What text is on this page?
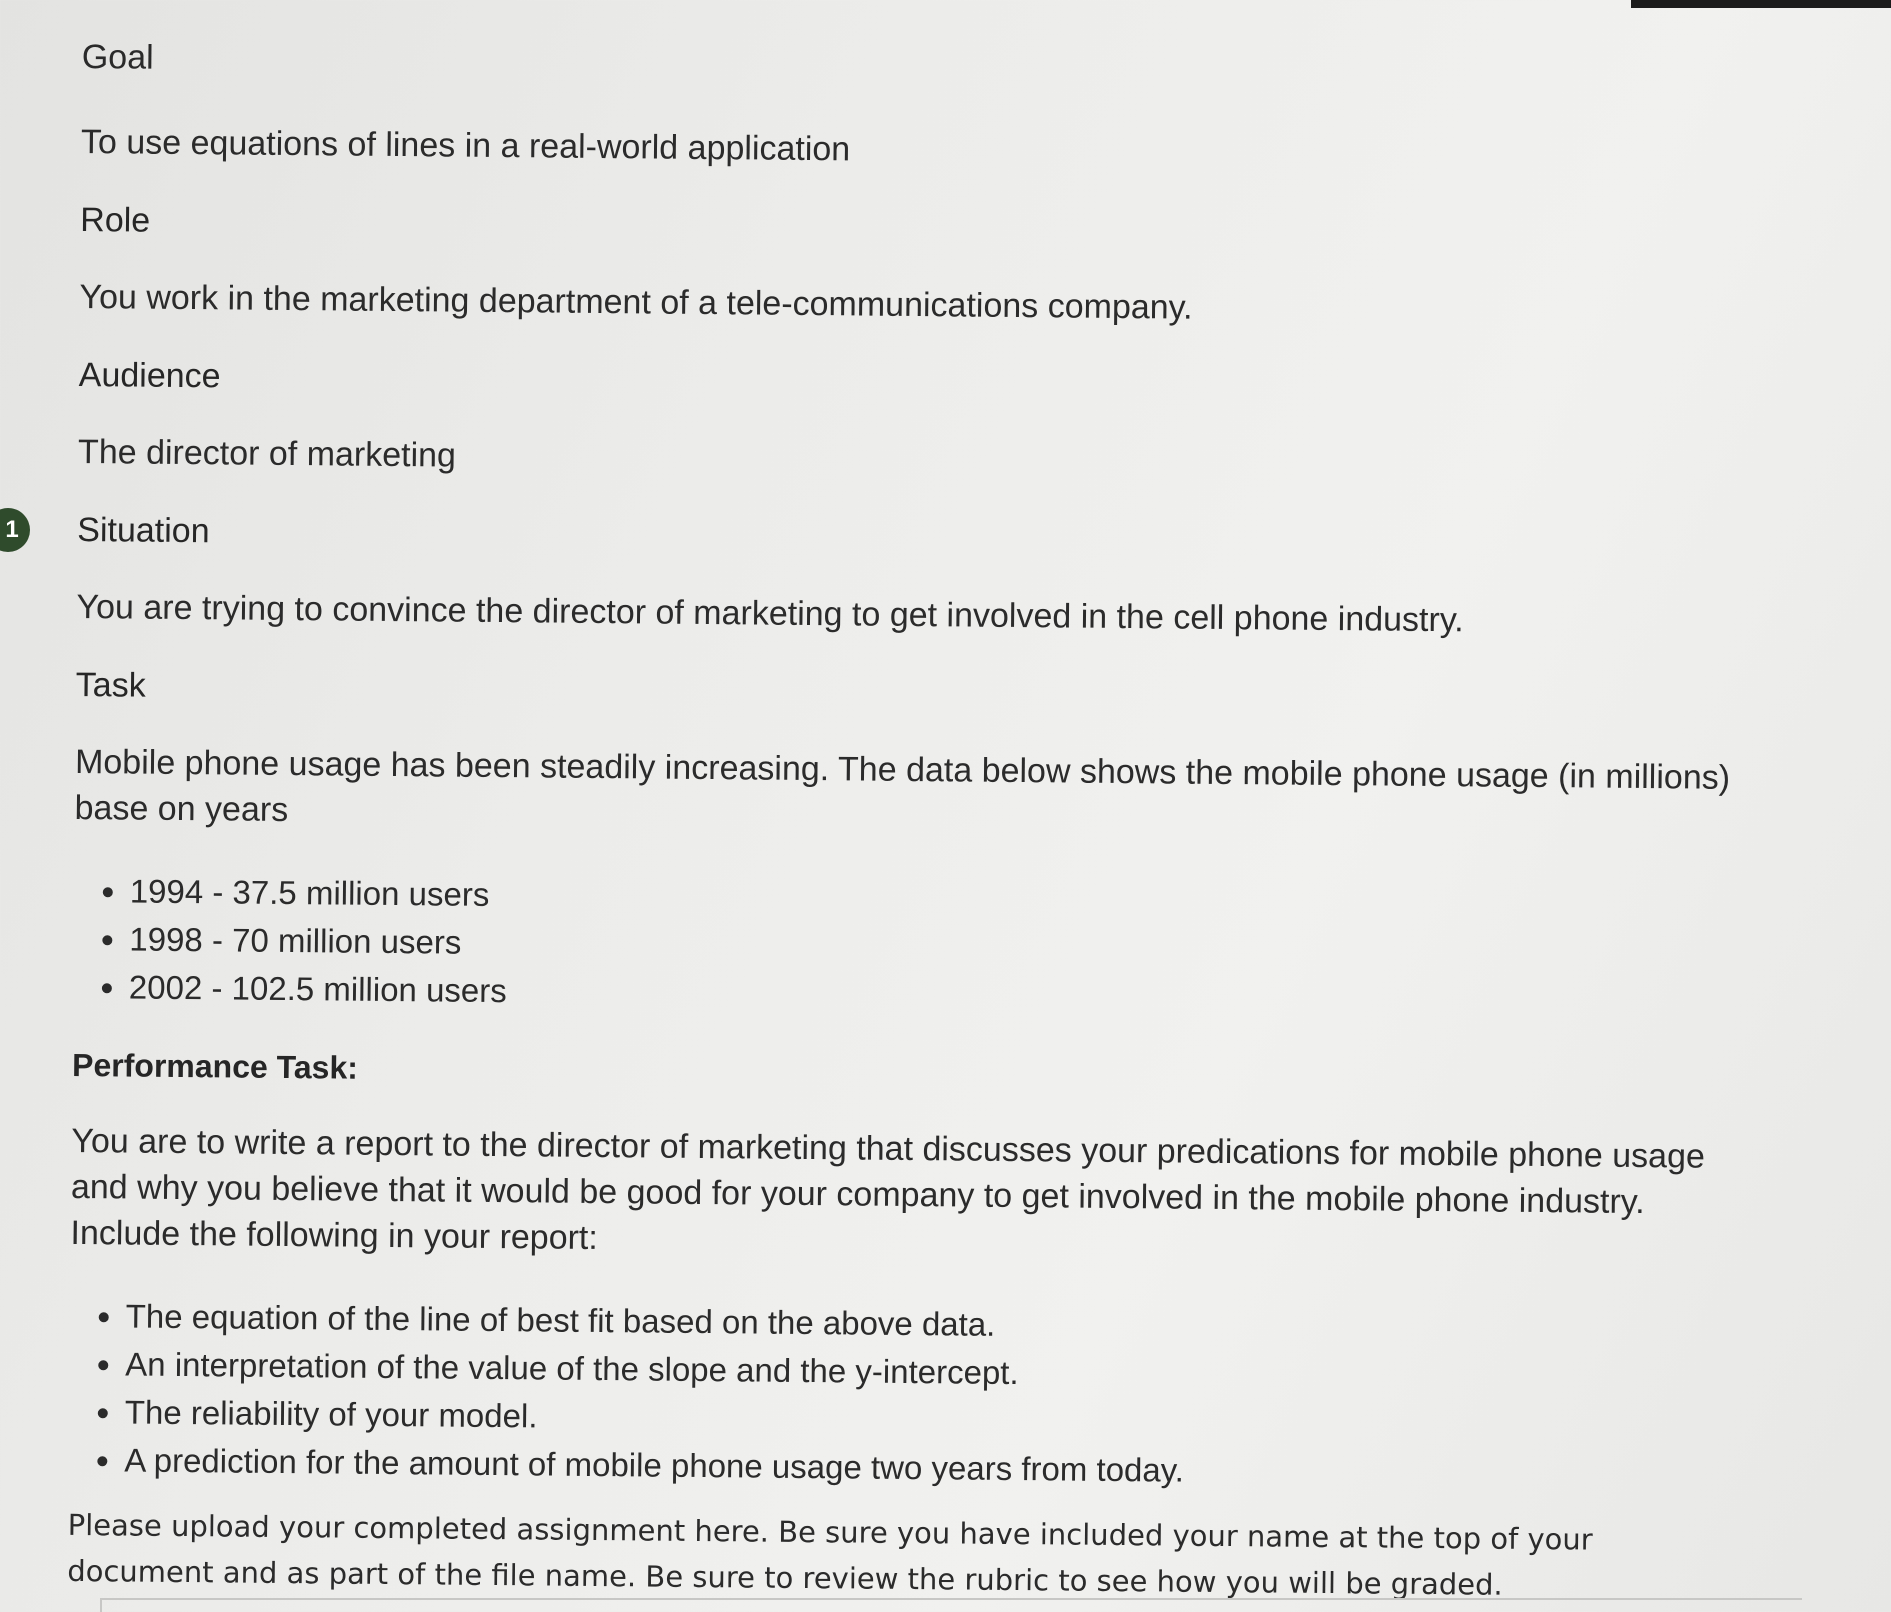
1
Goal

To use equations of lines in a real-world application

Role

You work in the marketing department of a tele-communications company.

Audience

The director of marketing

Situation

You are trying to convince the director of marketing to get involved in the cell phone industry.

Task

Mobile phone usage has been steadily increasing. The data below shows the mobile phone usage (in millions) base on years

• 1994 - 37.5 million users
• 1998 - 70 million users
• 2002 - 102.5 million users
Performance Task:

You are to write a report to the director of marketing that discusses your predications for mobile phone usage and why you believe that it would be good for your company to get involved in the mobile phone industry. Include the following in your report:

• The equation of the line of best fit based on the above data.
• An interpretation of the value of the slope and the y-intercept.
• The reliability of your model.
• A prediction for the amount of mobile phone usage two years from today.

Please upload your completed assignment here. Be sure you have included your name at the top of your document and as part of the file name. Be sure to review the rubric to see how you will be graded.
